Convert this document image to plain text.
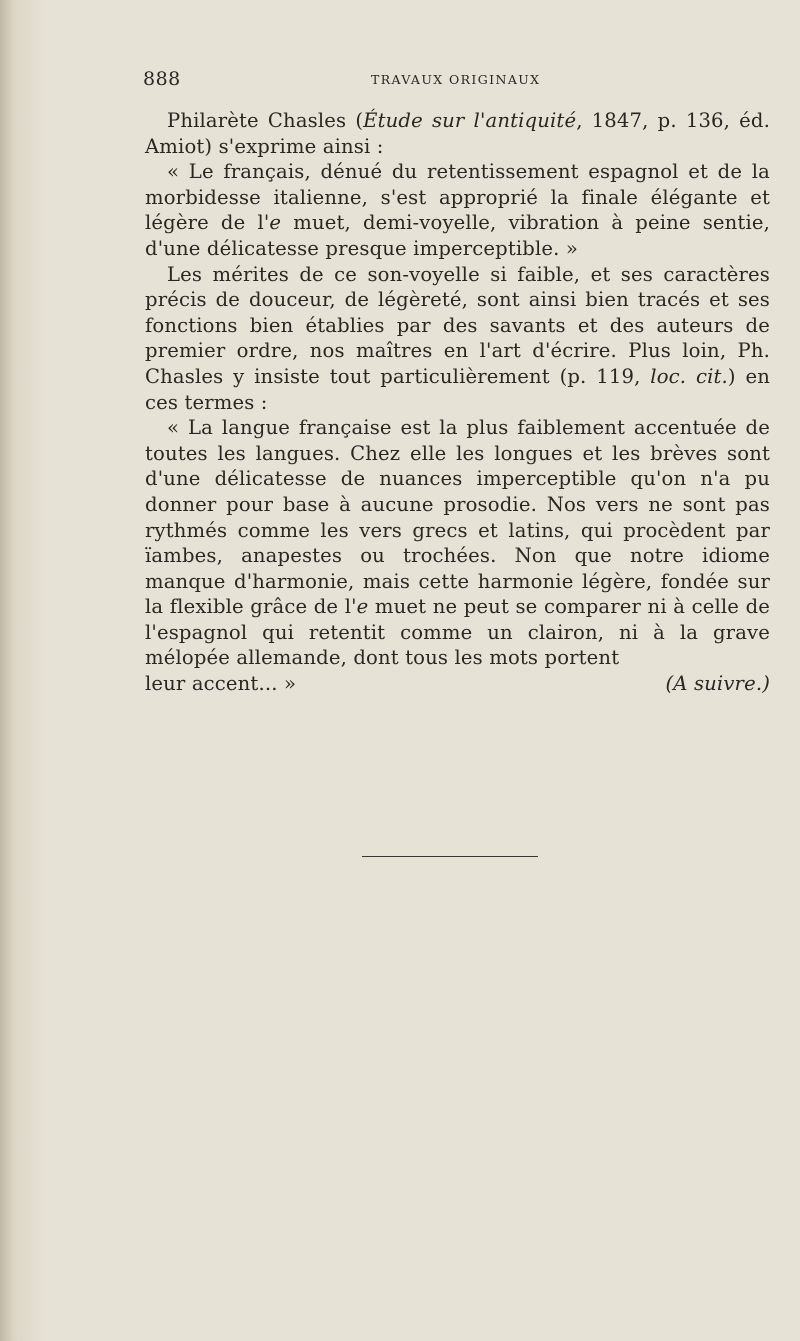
888	TRAVAUX ORIGINAUX

Philarète Chasles (Étude sur l'antiquité, 1847, p. 136, éd. Amiot) s'exprime ainsi :

« Le français, dénué du retentissement espagnol et de la morbidesse italienne, s'est approprié la finale élégante et légère de l'e muet, demi-voyelle, vibration à peine sentie, d'une délicatesse presque imperceptible. »

Les mérites de ce son-voyelle si faible, et ses caractères précis de douceur, de légèreté, sont ainsi bien tracés et ses fonctions bien établies par des savants et des auteurs de premier ordre, nos maîtres en l'art d'écrire. Plus loin, Ph. Chasles y insiste tout particulièrement (p. 119, loc. cit.) en ces termes :

« La langue française est la plus faiblement accentuée de toutes les langues. Chez elle les longues et les brèves sont d'une délicatesse de nuances imperceptible qu'on n'a pu donner pour base à aucune prosodie. Nos vers ne sont pas rythmés comme les vers grecs et latins, qui procèdent par ïambes, anapestes ou trochées. Non que notre idiome manque d'harmonie, mais cette harmonie légère, fondée sur la flexible grâce de l'e muet ne peut se comparer ni à celle de l'espagnol qui retentit comme un clairon, ni à la grave mélopée allemande, dont tous les mots portent

leur accent... »	(A suivre.)
